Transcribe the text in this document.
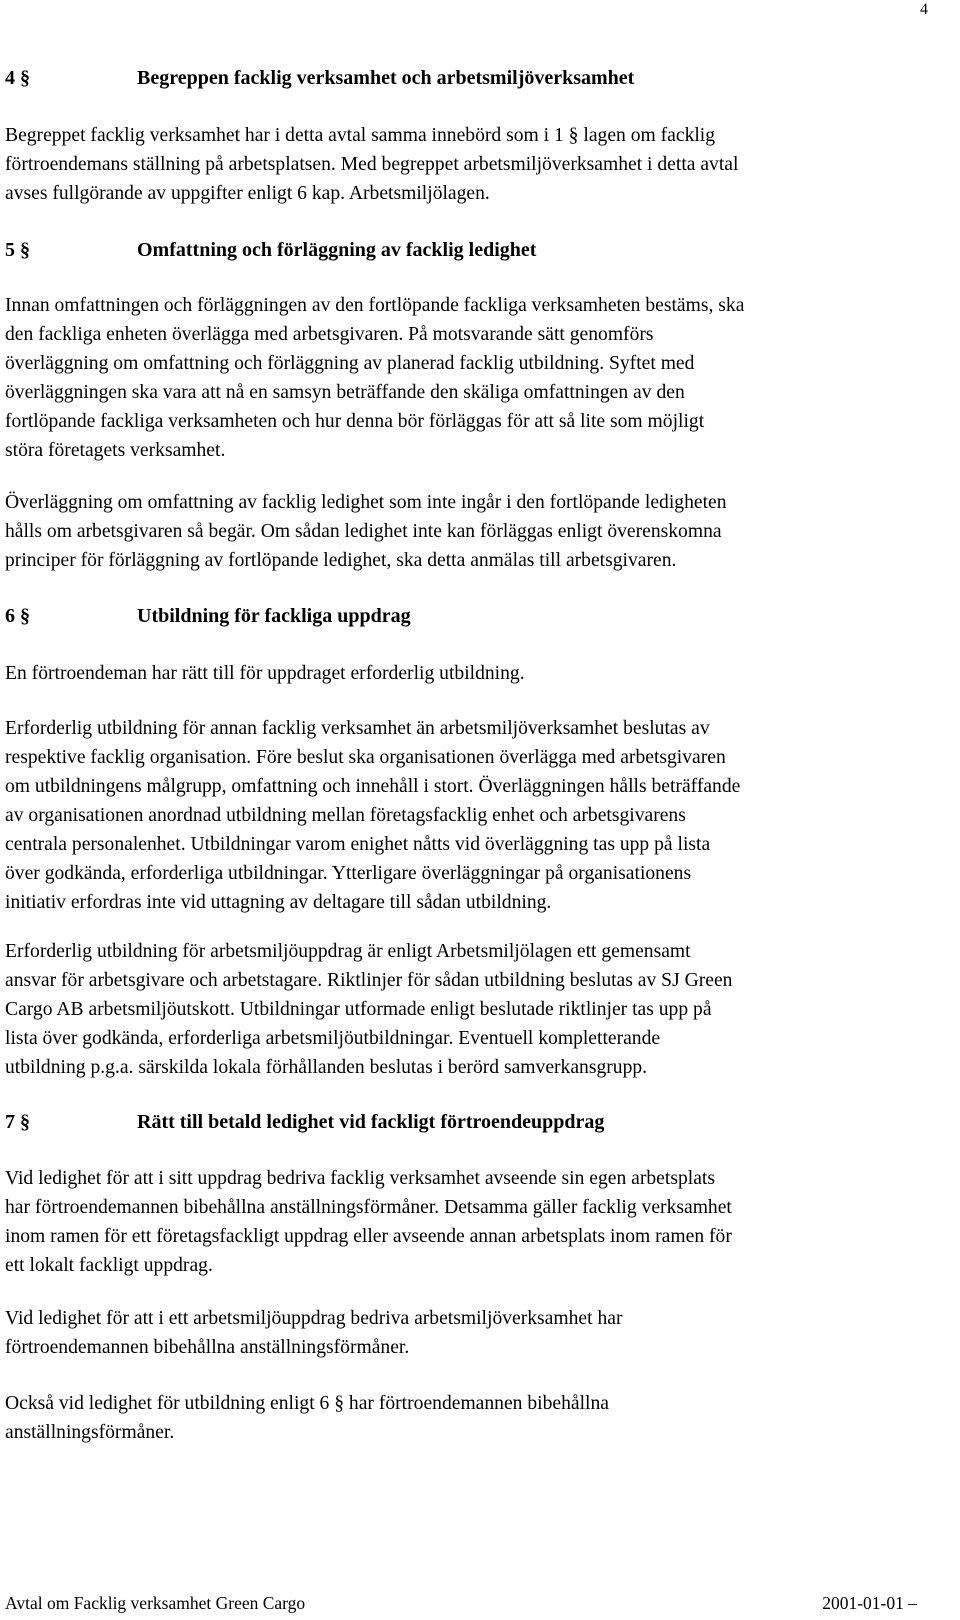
4
4 §	Begreppen facklig verksamhet och arbetsmiljöverksamhet
Begreppet facklig verksamhet har i detta avtal samma innebörd som i 1 § lagen om facklig
förtroendemans ställning på arbetsplatsen. Med begreppet arbetsmiljöverksamhet i detta avtal
avses fullgörande av uppgifter enligt 6 kap. Arbetsmiljölagen.
5 §	Omfattning och förläggning av facklig ledighet
Innan omfattningen och förläggningen av den fortlöpande fackliga verksamheten bestäms, ska
den fackliga enheten överlägga med arbetsgivaren. På motsvarande sätt genomförs
överläggning om omfattning och förläggning av planerad facklig utbildning. Syftet med
överläggningen ska vara att nå en samsyn beträffande den skäliga omfattningen av den
fortlöpande fackliga verksamheten och hur denna bör förläggas för att så lite som möjligt
störa företagets verksamhet.
Överläggning om omfattning av facklig ledighet som inte ingår i den fortlöpande ledigheten
hålls om arbetsgivaren så begär. Om sådan ledighet inte kan förläggas enligt överenskomna
principer för förläggning av fortlöpande ledighet, ska detta anmälas till arbetsgivaren.
6 §	Utbildning för fackliga uppdrag
En förtroendeman har rätt till för uppdraget erforderlig utbildning.
Erforderlig utbildning för annan facklig verksamhet än arbetsmiljöverksamhet beslutas av
respektive facklig organisation. Före beslut ska organisationen överlägga med arbetsgivaren
om utbildningens målgrupp, omfattning och innehåll i stort. Överläggningen hålls beträffande
av organisationen anordnad utbildning mellan företagsfacklig enhet och arbetsgivarens
centrala personalenhet. Utbildningar varom enighet nåtts vid överläggning tas upp på lista
över godkända, erforderliga utbildningar. Ytterligare överläggningar på organisationens
initiativ erfordras inte vid uttagning av deltagare till sådan utbildning.
Erforderlig utbildning för arbetsmiljöuppdrag är enligt Arbetsmiljölagen ett gemensamt
ansvar för arbetsgivare och arbetstagare. Riktlinjer för sådan utbildning beslutas av SJ Green
Cargo AB arbetsmiljöutskott. Utbildningar utformade enligt beslutade riktlinjer tas upp på
lista över godkända, erforderliga arbetsmiljöutbildningar. Eventuell kompletterande
utbildning p.g.a. särskilda lokala förhållanden beslutas i berörd samverkansgrupp.
7 §	Rätt till betald ledighet vid fackligt förtroendeuppdrag
Vid ledighet för att i sitt uppdrag bedriva facklig verksamhet avseende sin egen arbetsplats
har förtroendemannen bibehållna anställningsförmåner. Detsamma gäller facklig verksamhet
inom ramen för ett företagsfackligt uppdrag eller avseende annan arbetsplats inom ramen för
ett lokalt fackligt uppdrag.
Vid ledighet för att i ett arbetsmiljöuppdrag bedriva arbetsmiljöverksamhet har
förtroendemannen bibehållna anställningsförmåner.
Också vid ledighet för utbildning enligt 6 § har förtroendemannen bibehållna
anställningsförmåner.
Avtal om Facklig verksamhet Green Cargo	2001-01-01 –
